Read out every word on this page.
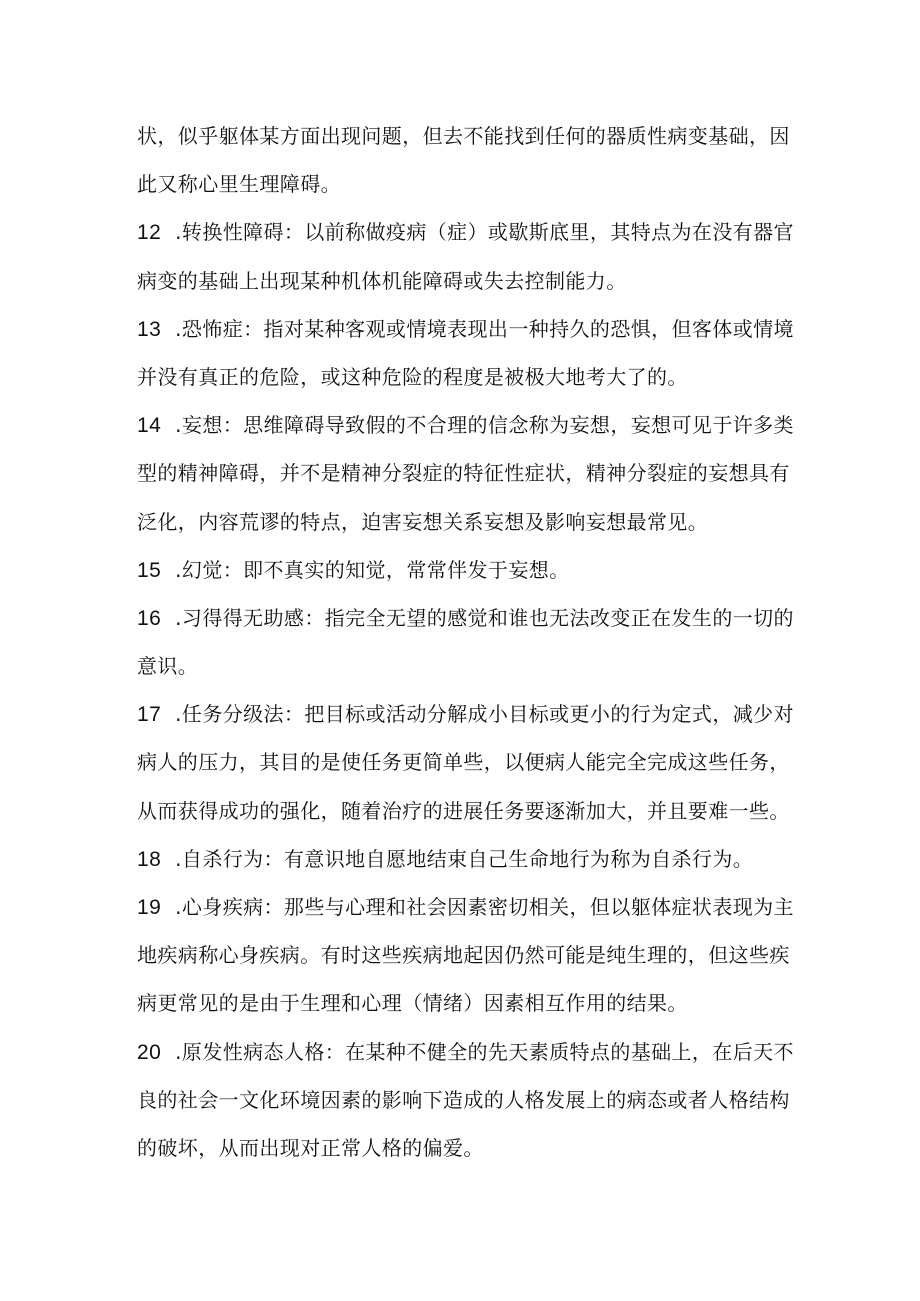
状，似乎躯体某方面出现问题，但去不能找到任何的器质性病变基础，因
此又称心里生理障碍。
12 .转换性障碍：以前称做疫病（症）或歇斯底里，其特点为在没有器官
病变的基础上出现某种机体机能障碍或失去控制能力。
13 .恐怖症：指对某种客观或情境表现出一种持久的恐惧，但客体或情境
并没有真正的危险，或这种危险的程度是被极大地考大了的。
14 .妄想：思维障碍导致假的不合理的信念称为妄想，妄想可见于许多类
型的精神障碍，并不是精神分裂症的特征性症状，精神分裂症的妄想具有
泛化，内容荒谬的特点，迫害妄想关系妄想及影响妄想最常见。
15 .幻觉：即不真实的知觉，常常伴发于妄想。
16 .习得得无助感：指完全无望的感觉和谁也无法改变正在发生的一切的
意识。
17 .任务分级法：把目标或活动分解成小目标或更小的行为定式，减少对
病人的压力，其目的是使任务更简单些，以便病人能完全完成这些任务，
从而获得成功的强化，随着治疗的进展任务要逐渐加大，并且要难一些。
18 .自杀行为：有意识地自愿地结束自己生命地行为称为自杀行为。
19 .心身疾病：那些与心理和社会因素密切相关，但以躯体症状表现为主
地疾病称心身疾病。有时这些疾病地起因仍然可能是纯生理的，但这些疾
病更常见的是由于生理和心理（情绪）因素相互作用的结果。
20 .原发性病态人格：在某种不健全的先天素质特点的基础上，在后天不
良的社会一文化环境因素的影响下造成的人格发展上的病态或者人格结构
的破坏，从而出现对正常人格的偏爱。
